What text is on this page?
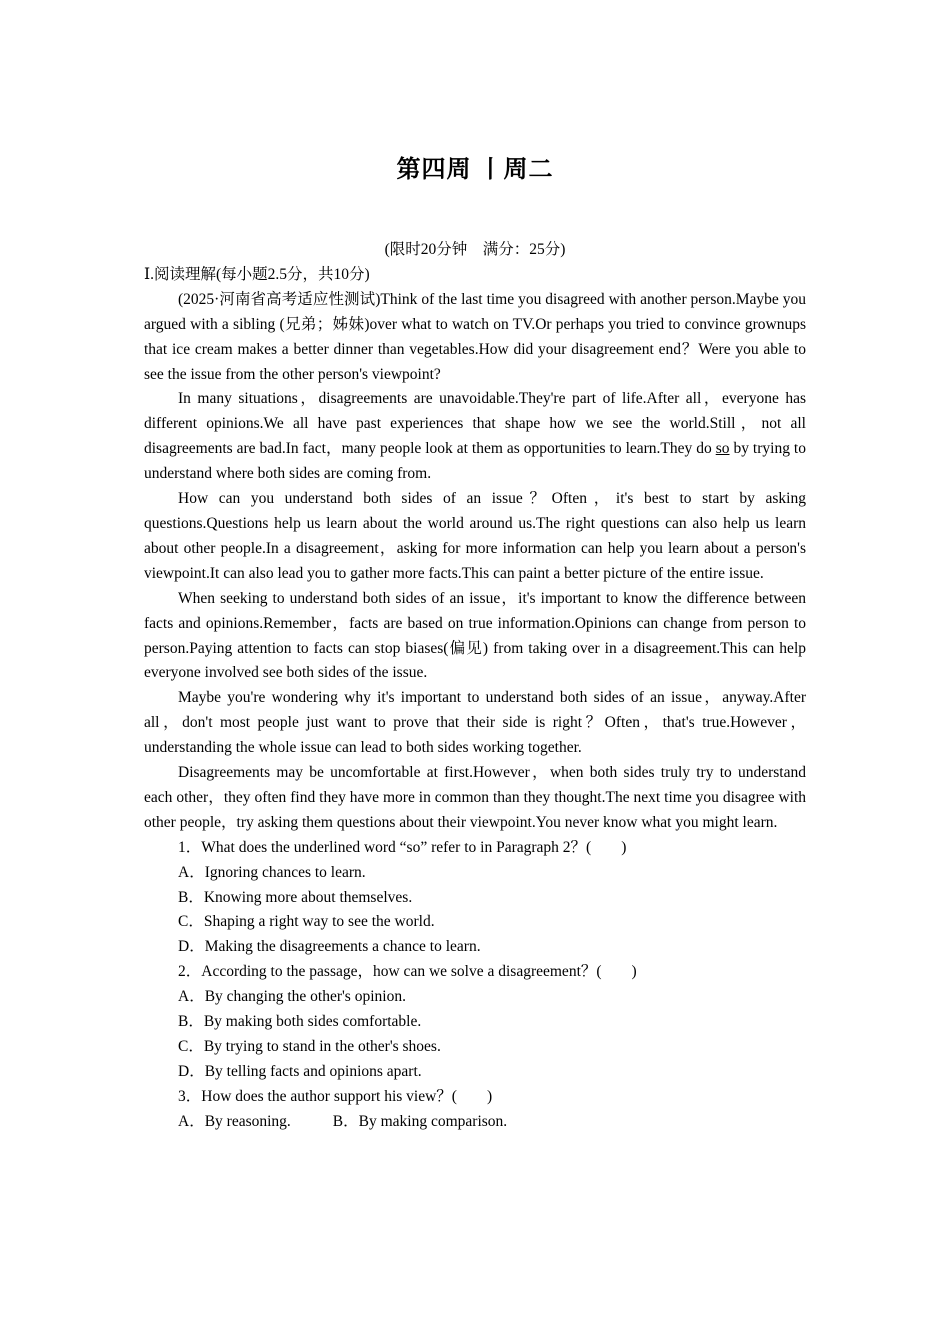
第四周 丨周二
(限时20分钟　满分：25分)
Ⅰ.阅读理解(每小题2.5分，共10分)

(2025·河南省高考适应性测试)Think of the last time you disagreed with another person.Maybe you argued with a sibling (兄弟；姊妹)over what to watch on TV.Or perhaps you tried to convince grownups that ice cream makes a better dinner than vegetables.How did your disagreement end？Were you able to see the issue from the other person's viewpoint?

In many situations，disagreements are unavoidable.They're part of life.After all，everyone has different opinions.We all have past experiences that shape how we see the world.Still，not all disagreements are bad.In fact，many people look at them as opportunities to learn.They do so by trying to understand where both sides are coming from.

How can you understand both sides of an issue？Often，it's best to start by asking questions.Questions help us learn about the world around us.The right questions can also help us learn about other people.In a disagreement，asking for more information can help you learn about a person's viewpoint.It can also lead you to gather more facts.This can paint a better picture of the entire issue.

When seeking to understand both sides of an issue，it's important to know the difference between facts and opinions.Remember，facts are based on true information.Opinions can change from person to person.Paying attention to facts can stop biases(偏见) from taking over in a disagreement.This can help everyone involved see both sides of the issue.

Maybe you're wondering why it's important to understand both sides of an issue，anyway.After all，don't most people just want to prove that their side is right？Often，that's true.However，understanding the whole issue can lead to both sides working together.

Disagreements may be uncomfortable at first.However，when both sides truly try to understand each other，they often find they have more in common than they thought.The next time you disagree with other people，try asking them questions about their viewpoint.You never know what you might learn.

1．What does the underlined word “so” refer to in Paragraph 2？( )

A．Ignoring chances to learn.

B．Knowing more about themselves.

C．Shaping a right way to see the world.

D．Making the disagreements a chance to learn.

2．According to the passage，how can we solve a disagreement？( )

A．By changing the other's opinion.

B．By making both sides comfortable.

C．By trying to stand in the other's shoes.

D．By telling facts and opinions apart.

3．How does the author support his view？( )

A．By reasoning.	B．By making comparison.
